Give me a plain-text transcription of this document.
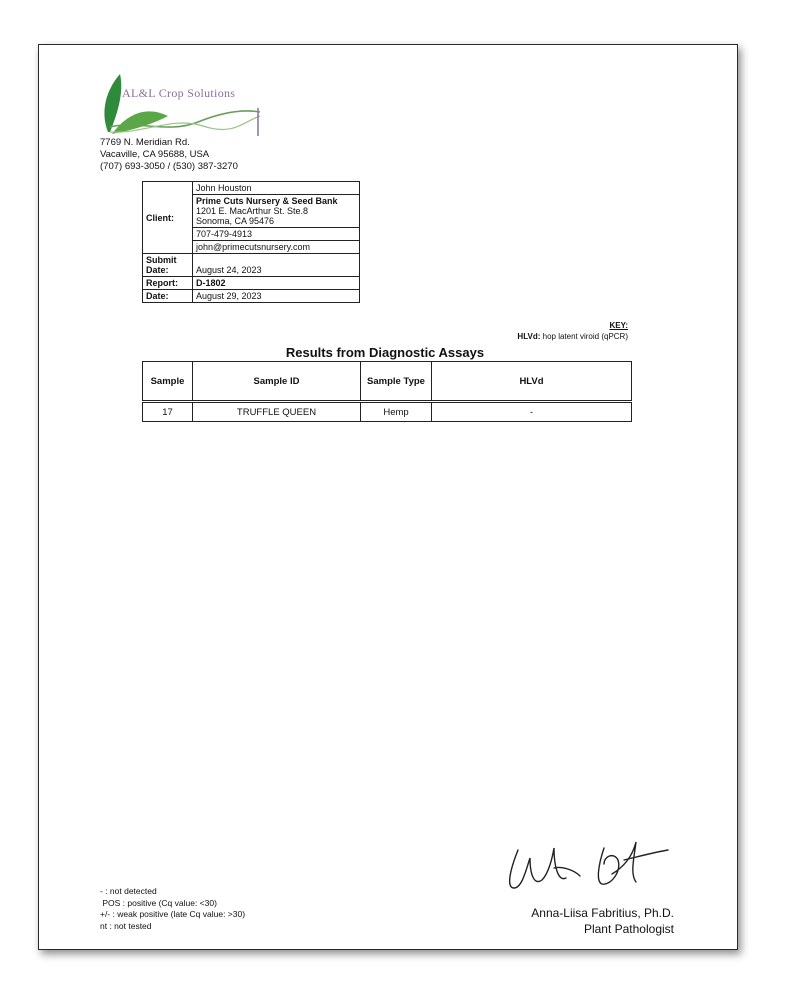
AL&L Crop Solutions
7769 N. Meridian Rd.
Vacaville, CA 95688, USA
(707) 693-3050 / (530) 387-3270
Client:	John Houston

	Prime Cuts Nursery & Seed Bank
1201 E. MacArthur St. Ste.8
Sonoma, CA 95476

	707-479-4913
	john@primecutsnursery.com

Submit
Date:	August 24, 2023
Report:	D-1802
Date:	August 29, 2023
KEY:
HLVd: hop latent viroid (qPCR)
Results from Diagnostic Assays
Sample	Sample ID	Sample Type	HLVd
17	TRUFFLE QUEEN	Hemp	-
- : not detected
POS : positive (Cq value: <30)
+/- : weak positive (late Cq value: >30)
nt : not tested
Anna-Liisa Fabritius, Ph.D.
Plant Pathologist
